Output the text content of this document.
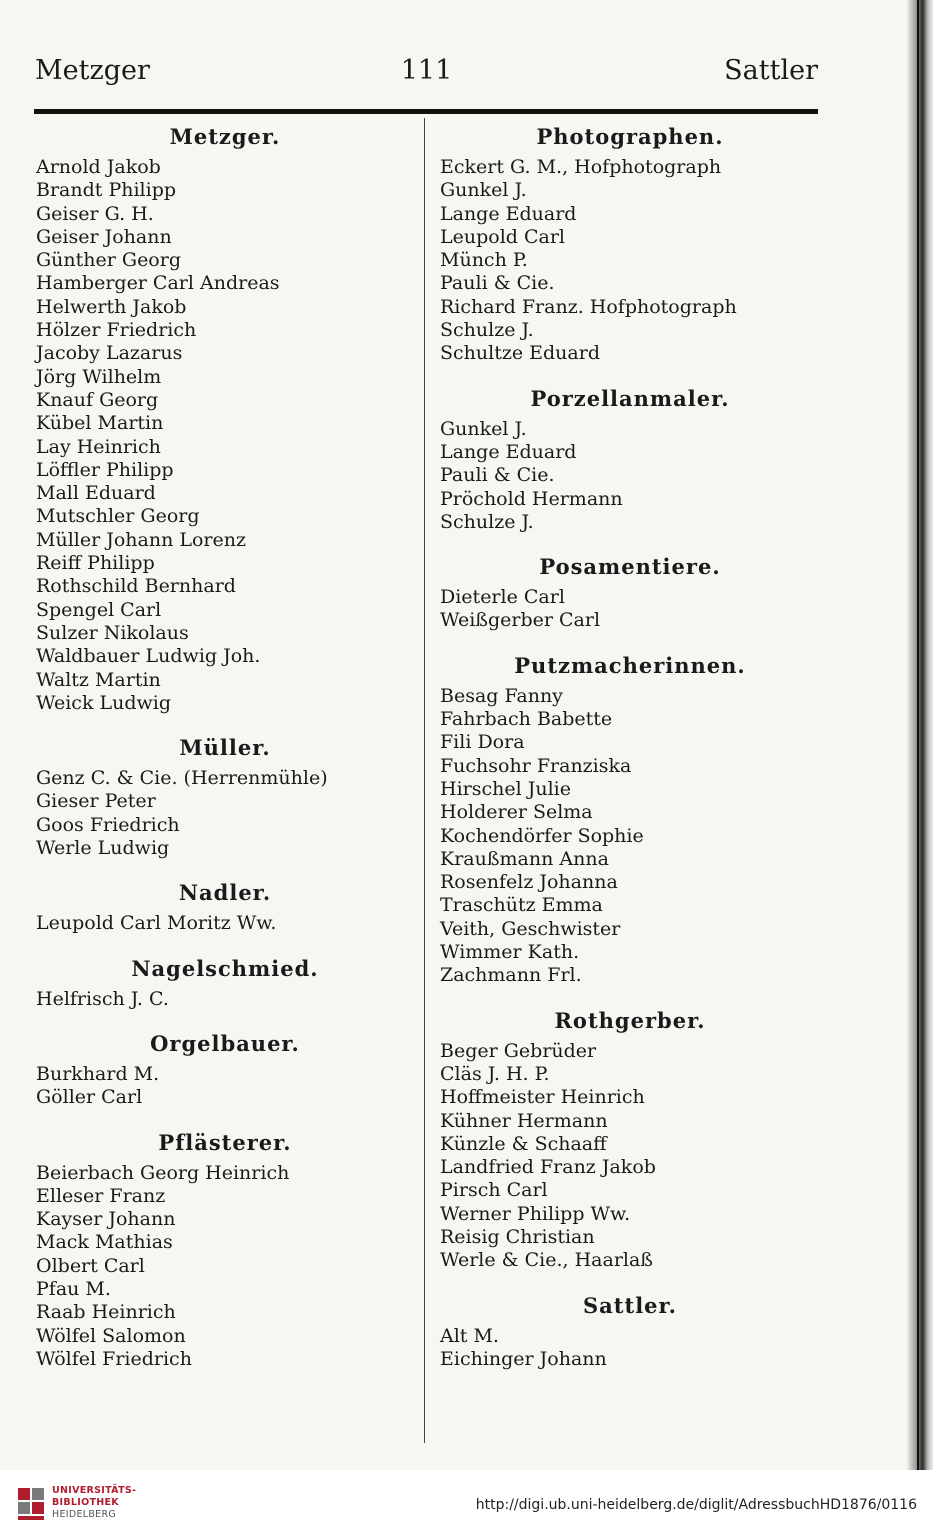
Metzger	111	Sattler
Metzger.
Arnold Jakob
Brandt Philipp
Geiser G. H.
Geiser Johann
Günther Georg
Hamberger Carl Andreas
Helwerth Jakob
Hölzer Friedrich
Jacoby Lazarus
Jörg Wilhelm
Knauf Georg
Kübel Martin
Lay Heinrich
Löffler Philipp
Mall Eduard
Mutschler Georg
Müller Johann Lorenz
Reiff Philipp
Rothschild Bernhard
Spengel Carl
Sulzer Nikolaus
Waldbauer Ludwig Joh.
Waltz Martin
Weick Ludwig
Müller.
Genz C. & Cie. (Herrenmühle)
Gieser Peter
Goos Friedrich
Werle Ludwig
Nadler.
Leupold Carl Moritz Ww.
Nagelschmied.
Helfrisch J. C.
Orgelbauer.
Burkhard M.
Göller Carl
Pflästerer.
Beierbach Georg Heinrich
Elleser Franz
Kayser Johann
Mack Mathias
Olbert Carl
Pfau M.
Raab Heinrich
Wölfel Salomon
Wölfel Friedrich
Photographen.
Eckert G. M., Hofphotograph
Gunkel J.
Lange Eduard
Leupold Carl
Münch P.
Pauli & Cie.
Richard Franz. Hofphotograph
Schulze J.
Schultze Eduard
Porzellanmaler.
Gunkel J.
Lange Eduard
Pauli & Cie.
Pröchold Hermann
Schulze J.
Posamentiere.
Dieterle Carl
Weißgerber Carl
Putzmacherinnen.
Besag Fanny
Fahrbach Babette
Fili Dora
Fuchsohr Franziska
Hirschel Julie
Holderer Selma
Kochendörfer Sophie
Kraußmann Anna
Rosenfelz Johanna
Traschütz Emma
Veith, Geschwister
Wimmer Kath.
Zachmann Frl.
Rothgerber.
Beger Gebrüder
Cläs J. H. P.
Hoffmeister Heinrich
Kühner Hermann
Künzle & Schaaff
Landfried Franz Jakob
Pirsch Carl
Werner Philipp Ww.
Reisig Christian
Werle & Cie., Haarlaß
Sattler.
Alt M.
Eichinger Johann
UNIVERSITÄTS-
BIBLIOTHEK
HEIDELBERG
http://digi.ub.uni-heidelberg.de/diglit/AdressbuchHD1876/0116
